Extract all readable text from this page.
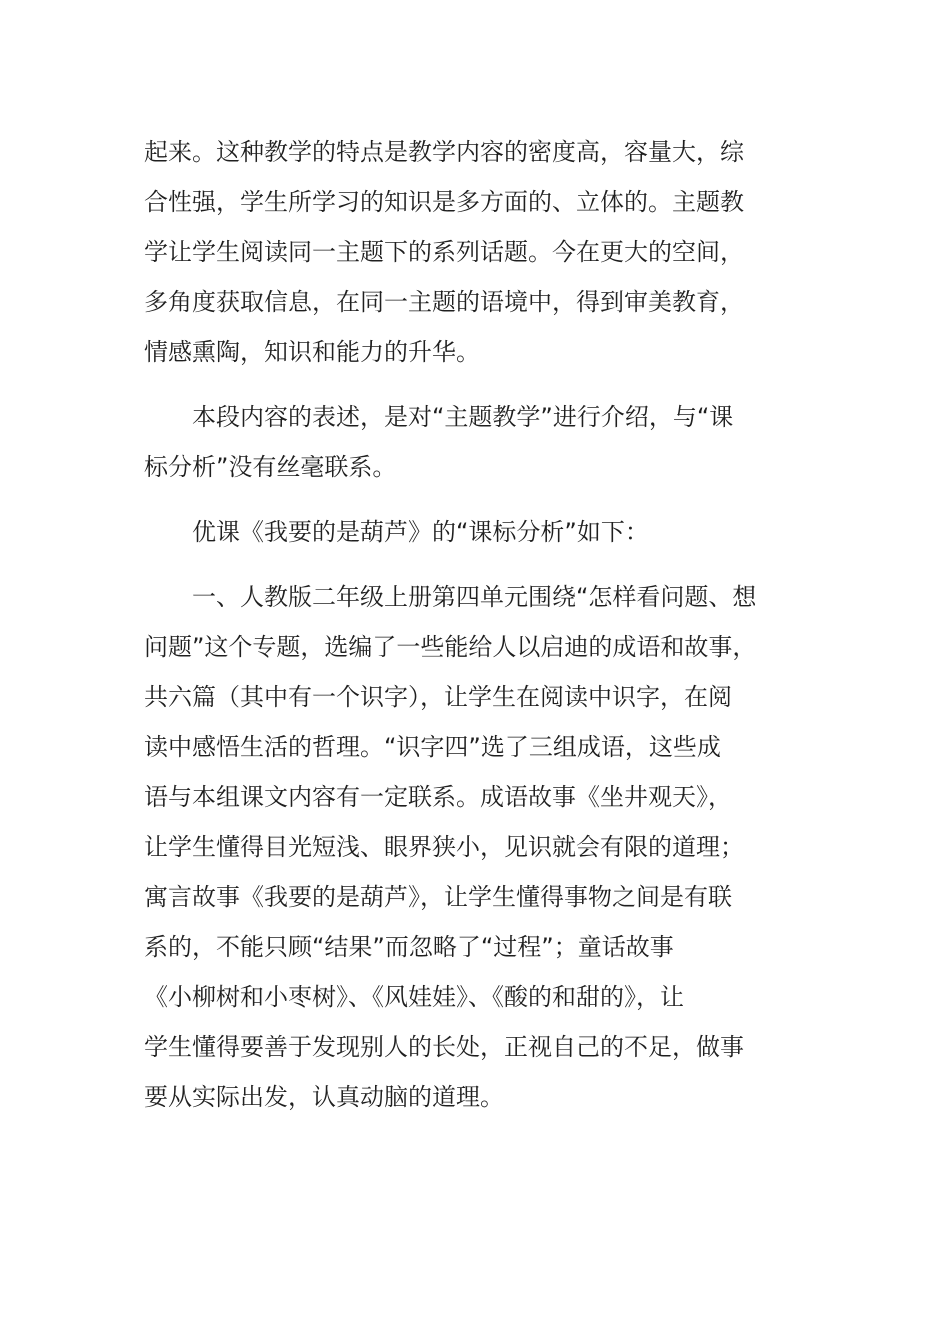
起来。这种教学的特点是教学内容的密度高，容量大，综
合性强，学生所学习的知识是多方面的、立体的。主题教
学让学生阅读同一主题下的系列话题。今在更大的空间，
多角度获取信息，在同一主题的语境中，得到审美教育，
情感熏陶，知识和能力的升华。
　　本段内容的表述，是对“主题教学”进行介绍，与“课
标分析”没有丝毫联系。
　　优课《我要的是葫芦》的“课标分析”如下：
　　一、人教版二年级上册第四单元围绕“怎样看问题、想
问题”这个专题，选编了一些能给人以启迪的成语和故事，
共六篇（其中有一个识字），让学生在阅读中识字，在阅
读中感悟生活的哲理。“识字四”选了三组成语，这些成
语与本组课文内容有一定联系。成语故事《坐井观天》，
让学生懂得目光短浅、眼界狭小，见识就会有限的道理；
寓言故事《我要的是葫芦》，让学生懂得事物之间是有联
系的，不能只顾“结果”而忽略了“过程”；童话故事
《小柳树和小枣树》、《风娃娃》、《酸的和甜的》，让
学生懂得要善于发现别人的长处，正视自己的不足，做事
要从实际出发，认真动脑的道理。
